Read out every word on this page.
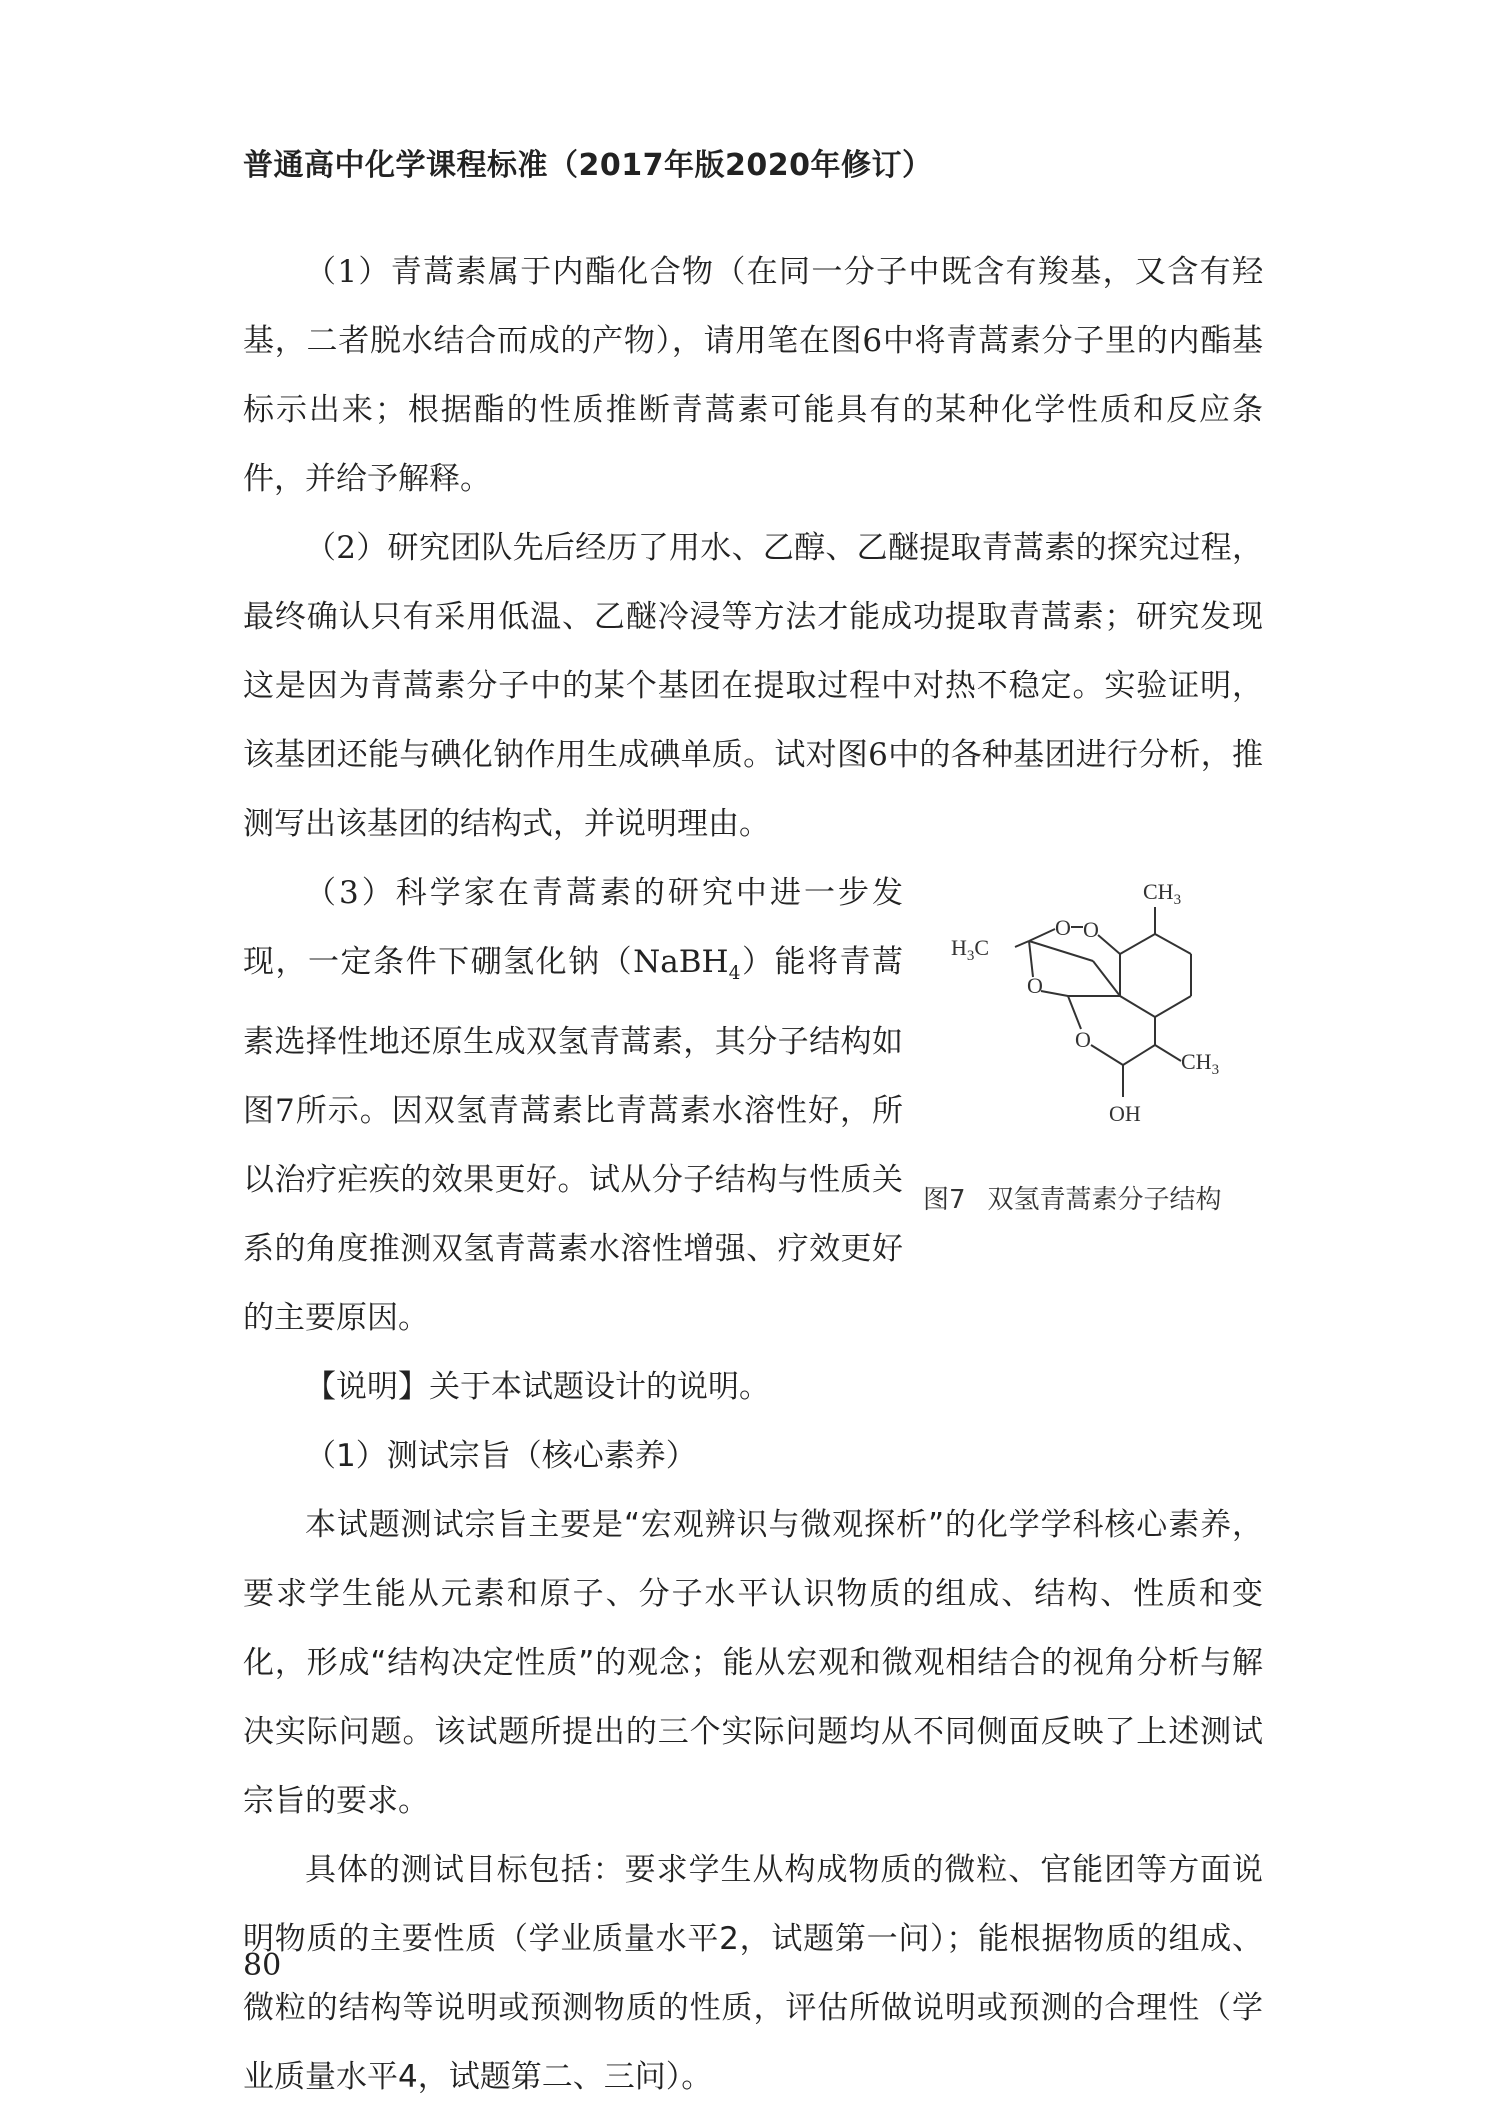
普通高中化学课程标准（2017年版2020年修订）

（1）青蒿素属于内酯化合物（在同一分子中既含有羧基，又含有羟基，二者脱水结合而成的产物），请用笔在图6中将青蒿素分子里的内酯基标示出来；根据酯的性质推断青蒿素可能具有的某种化学性质和反应条件，并给予解释。

（2）研究团队先后经历了用水、乙醇、乙醚提取青蒿素的探究过程，最终确认只有采用低温、乙醚冷浸等方法才能成功提取青蒿素；研究发现这是因为青蒿素分子中的某个基团在提取过程中对热不稳定。实验证明，该基团还能与碘化钠作用生成碘单质。试对图6中的各种基团进行分析，推测写出该基团的结构式，并说明理由。

（3）科学家在青蒿素的研究中进一步发现，一定条件下硼氢化钠（NaBH$_4$）能将青蒿素选择性地还原生成双氢青蒿素，其分子结构如图7所示。因双氢青蒿素比青蒿素水溶性好，所以治疗疟疾的效果更好。试从分子结构与性质关系的角度推测双氢青蒿素水溶性增强、疗效更好的主要原因。

$CH_3$
$H_3C$
O O
O
O
$CH_3$
OH
图7 双氢青蒿素分子结构

【说明】关于本试题设计的说明。

（1）测试宗旨（核心素养）

本试题测试宗旨主要是“宏观辨识与微观探析”的化学学科核心素养，要求学生能从元素和原子、分子水平认识物质的组成、结构、性质和变化，形成“结构决定性质”的观念；能从宏观和微观相结合的视角分析与解决实际问题。该试题所提出的三个实际问题均从不同侧面反映了上述测试宗旨的要求。

具体的测试目标包括：要求学生从构成物质的微粒、官能团等方面说明物质的主要性质（学业质量水平2，试题第一问）；能根据物质的组成、微粒的结构等说明或预测物质的性质，评估所做说明或预测的合理性（学业质量水平4，试题第二、三问）。

80
